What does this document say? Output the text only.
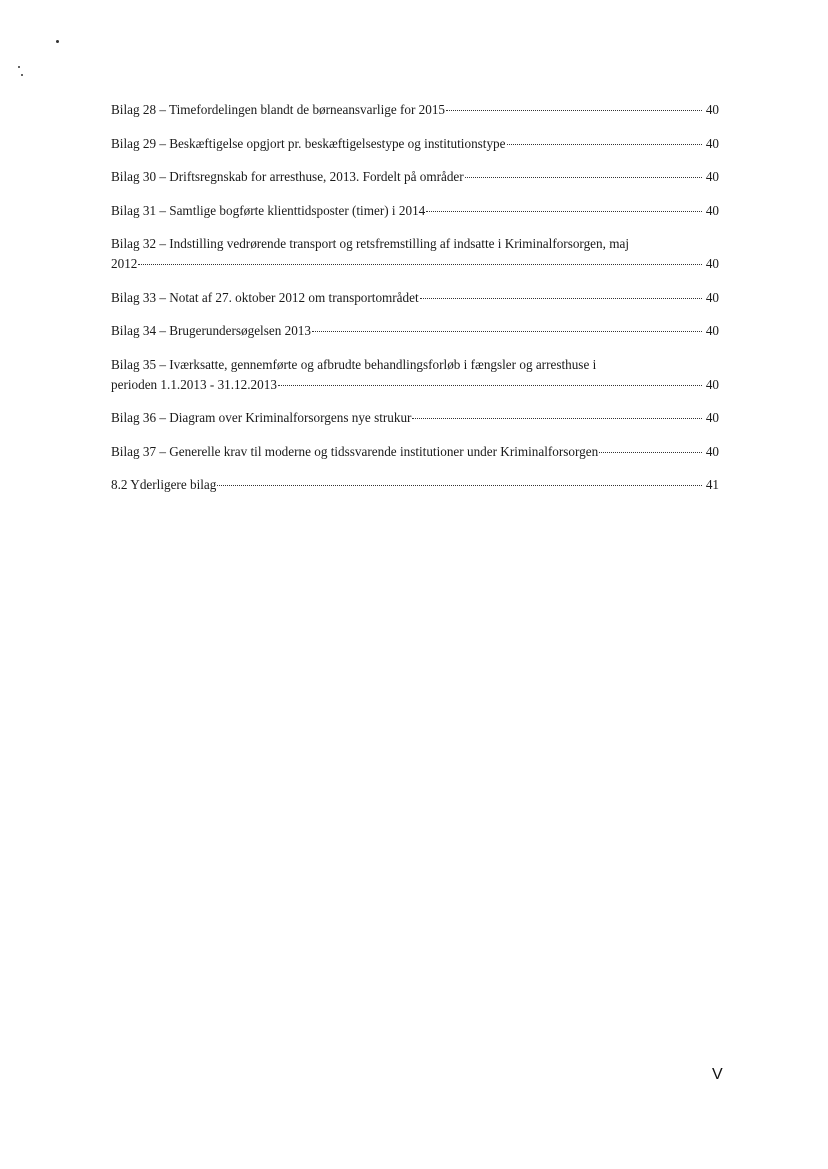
Bilag 28 – Timefordelingen blandt de børneansvarlige for 2015	40
Bilag 29 – Beskæftigelse opgjort pr. beskæftigelsestype og institutionstype	40
Bilag 30 – Driftsregnskab for arresthuse, 2013. Fordelt på områder	40
Bilag 31 – Samtlige bogførte klienttidsposter (timer) i 2014	40
Bilag 32 – Indstilling vedrørende transport og retsfremstilling af indsatte i Kriminalforsorgen, maj
2012	40
Bilag 33 – Notat af 27. oktober 2012 om transportområdet	40
Bilag 34 – Brugerundersøgelsen 2013	40
Bilag 35 – Iværksatte, gennemførte og afbrudte behandlingsforløb i fængsler og arresthuse i
perioden 1.1.2013 - 31.12.2013	40
Bilag 36 – Diagram over Kriminalforsorgens nye strukur	40
Bilag 37 – Generelle krav til moderne og tidssvarende institutioner under Kriminalforsorgen	40
8.2 Yderligere bilag	41
V
